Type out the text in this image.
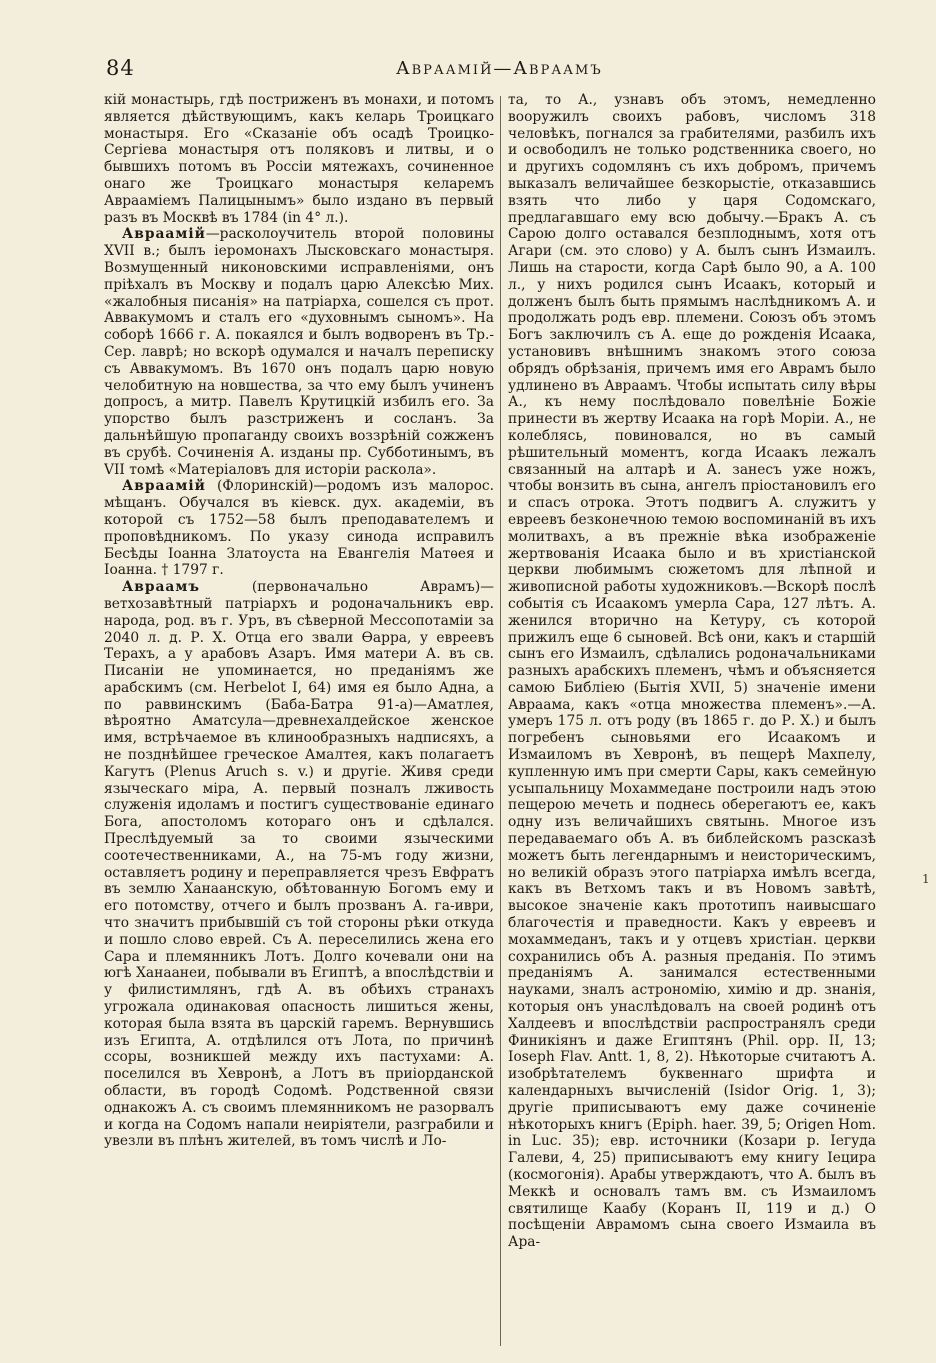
84	Авраамій—Авраамъ

кій монастырь, гдѣ постриженъ въ монахи, и потомъ является дѣйствующимъ, какъ келарь Троицкаго монастыря. Его «Сказаніе объ осадѣ Троицко-Сергіева монастыря отъ поляковъ и литвы, и о бывшихъ потомъ въ Россіи мятежахъ, сочиненное онаго же Троицкаго монастыря келаремъ Авраамiемъ Палицынымъ» было издано въ первый разъ въ Москвѣ въ 1784 (in 4° л.).

Авраамій—расколоучитель второй половины XVII в.; былъ іеромонахъ Лысковскаго монастыря. Возмущенный никоновскими исправленіями, онъ пріѣхалъ въ Москву и подалъ царю Алексѣю Мих. «жалобныя писанія» на патріарха, сошелся съ прот. Аввакумомъ и сталъ его «духовнымъ сыномъ». На соборѣ 1666 г. А. покаялся и былъ водворенъ въ Тр.-Сер. лаврѣ; но вскорѣ одумался и началъ переписку съ Аввакумомъ. Въ 1670 онъ подалъ царю новую челобитную на новшества, за что ему былъ учиненъ допросъ, а митр. Павелъ Крутицкій избилъ его. За упорство былъ разстриженъ и сосланъ. За дальнѣйшую пропаганду своихъ воззрѣній сожженъ въ срубѣ. Сочиненія А. изданы пр. Субботинымъ, въ VII томѣ «Матеріаловъ для исторіи раскола».

Авраамій (Флоринскій)—родомъ изъ малорос. мѣщанъ. Обучался въ кіевск. дух. академіи, въ которой съ 1752—58 былъ преподавателемъ и проповѣдникомъ. По указу синода исправилъ Бесѣды Іоанна Златоуста на Евангелія Матѳея и Іоанна. † 1797 г.

Авраамъ (первоначально Аврамъ)—ветхозавѣтный патріархъ и родоначальникъ евр. народа, род. въ г. Уръ, въ сѣверной Мессопотаміи за 2040 л. д. Р. Х. Отца его звали Ѳарра, у евреевъ Терахъ, а у арабовъ Азаръ. Имя матери А. въ св. Писаніи не упоминается, но преданіямъ же арабскимъ (см. Herbelot I, 64) имя ея было Адна, а по раввинскимъ (Баба-Батра 91-а)—Аматлея, вѣроятно Аматсула—древнехалдейское женское имя, встрѣчаемое въ клинообразныхъ надписяхъ, а не позднѣйшее греческое Амалтея, какъ полагаетъ Кагутъ (Plenus Aruch s. v.) и другіе. Живя среди языческаго міра, А. первый позналъ лживость служенія идоламъ и постигъ существованіе единаго Бога, апостоломъ котораго онъ и сдѣлался. Преслѣдуемый за то своими языческими соотечественниками, А., на 75-мъ году жизни, оставляетъ родину и переправляется чрезъ Евфратъ въ землю Ханаанскую, обѣтованную Богомъ ему и его потомству, отчего и былъ прозванъ А. га-иври, что значитъ прибывшій съ той стороны рѣки откуда и пошло слово еврей. Съ А. переселились жена его Сара и племянникъ Лотъ. Долго кочевали они на югѣ Ханаанеи, побывали въ Египтѣ, а впослѣдствіи и у филистимлянъ, гдѣ А. въ обѣихъ странахъ угрожала одинаковая опасность лишиться жены, которая была взята въ царскій гаремъ. Вернувшись изъ Египта, А. отдѣлился отъ Лота, по причинѣ ссоры, возникшей между ихъ пастухами: А. поселился въ Хевронѣ, а Лотъ въ приіорданской области, въ городѣ Содомѣ. Родственной связи однакожъ А. съ своимъ племянникомъ не разорвалъ и когда на Содомъ напали неиріятели, разграбили и увезли въ плѣнъ жителей, въ томъ числѣ и Ло-

та, то А., узнавъ объ этомъ, немедленно вооружилъ своихъ рабовъ, числомъ 318 человѣкъ, погнался за грабителями, разбилъ ихъ и освободилъ не только родственника своего, но и другихъ содомлянъ съ ихъ добромъ, причемъ выказалъ величайшее безкорыстіе, отказавшись взять что либо у царя Содомскаго, предлагавшаго ему всю добычу.—Бракъ А. съ Сарою долго оставался безплоднымъ, хотя отъ Агари (см. это слово) у А. былъ сынъ Измаилъ. Лишь на старости, когда Сарѣ было 90, а А. 100 л., у нихъ родился сынъ Исаакъ, который и долженъ былъ быть прямымъ наслѣдникомъ А. и продолжать родъ евр. племени. Союзъ объ этомъ Богъ заключилъ съ А. еще до рожденія Исаака, установивъ внѣшнимъ знакомъ этого союза обрядъ обрѣзанія, причемъ имя его Аврамъ было удлинено въ Авраамъ. Чтобы испытать силу вѣры А., къ нему послѣдовало повелѣніе Божіе принести въ жертву Исаака на горѣ Моріи. А., не колеблясь, повиновался, но въ самый рѣшительный моментъ, когда Исаакъ лежалъ связанный на алтарѣ и А. занесъ уже ножъ, чтобы вонзить въ сына, ангелъ пріостановилъ его и спасъ отрока. Этотъ подвигъ А. служитъ у евреевъ безконечною темою воспоминаній въ ихъ молитвахъ, а въ прежніе вѣка изображеніе жертвованія Исаака было и въ христіанской церкви любимымъ сюжетомъ для лѣпной и живописной работы художниковъ.—Вскорѣ послѣ событія съ Исаакомъ умерла Сара, 127 лѣтъ. А. женился вторично на Кетуру, съ которой прижилъ еще 6 сыновей. Всѣ они, какъ и старшій сынъ его Измаилъ, сдѣлались родоначальниками разныхъ арабскихъ племенъ, чѣмъ и объясняется самою Библіею (Бытія XVII, 5) значеніе имени Авраама, какъ «отца множества племенъ».—А. умеръ 175 л. отъ роду (въ 1865 г. до Р. Х.) и былъ погребенъ сыновьями его Исаакомъ и Измаиломъ въ Хевронѣ, въ пещерѣ Махпелу, купленную имъ при смерти Сары, какъ семейную усыпальницу Мохаммедане построили надъ этою пещерою мечеть и поднесь оберегаютъ ее, какъ одну изъ величайшихъ святынь. Многое изъ передаваемаго объ А. въ библейскомъ разсказѣ можетъ быть легендарнымъ и неисторическимъ, но великій образъ этого патріарха имѣлъ всегда, какъ въ Ветхомъ такъ и въ Новомъ завѣтѣ, высокое значеніе какъ прототипъ наивысшаго благочестія и праведности. Какъ у евреевъ и мохаммеданъ, такъ и у отцевъ христіан. церкви сохранились объ А. разныя преданія. По этимъ преданіямъ А. занимался естественными науками, зналъ астрономію, химію и др. знанія, которыя онъ унаслѣдовалъ на своей родинѣ отъ Халдеевъ и впослѣдствіи распространялъ среди Финикіянъ и даже Египтянъ (Phil. opp. II, 13; Ioseph Flav. Antt. 1, 8, 2). Нѣкоторые считаютъ А. изобрѣтателемъ буквеннаго шрифта и календарныхъ вычисленій (Isidor Orig. 1, 3); другіе приписываютъ ему даже сочиненіе нѣкоторыхъ книгъ (Epiph. haer. 39, 5; Origen Hom. in Luc. 35); евр. источники (Козари р. Іегуда Галеви, 4, 25) приписываютъ ему книгу Іецира (космогонія). Арабы утверждаютъ, что А. былъ въ Меккѣ и основалъ тамъ вм. съ Измаиломъ святилище Каабу (Коранъ II, 119 и д.) О посѣщеніи Аврамомъ сына своего Измаила въ Ара-

1
